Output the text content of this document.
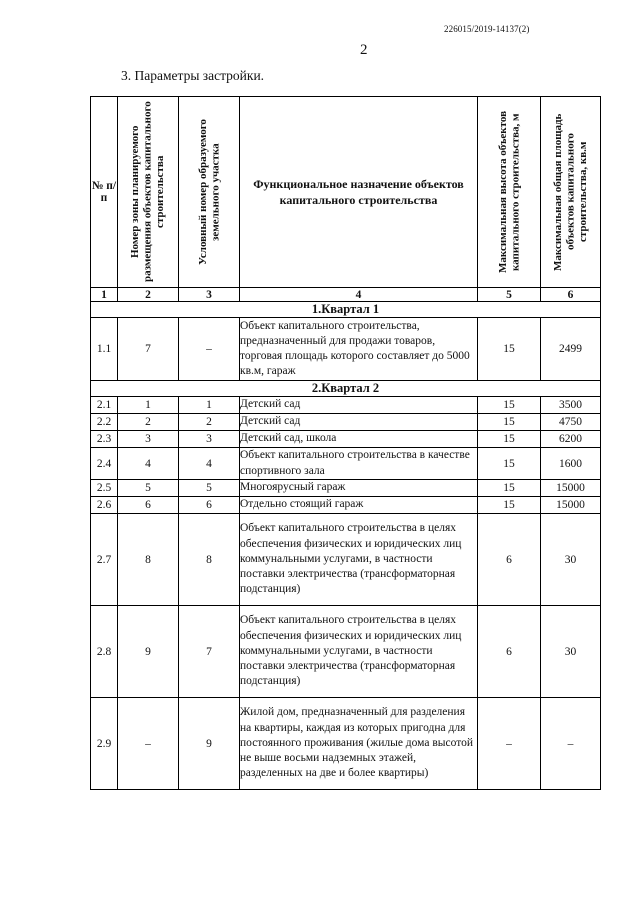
226015/2019-14137(2)
2
3. Параметры застройки.
№ п/п	Номер зоны планируемого размещения объектов капитального строительства	Условный номер образуемого земельного участка	Функциональное назначение объектов капитального строительства	Максимальная высота объектов капитального строительства, м	Максимальная общая площадь объектов капитального строительства, кв.м

1	2	3	4	5	6
1.Квартал 1					
1.1	7	–	Объект капитального строительства, предназначенный для продажи товаров, торговая площадь которого составляет до 5000 кв.м, гараж	15	2499
2.Квартал 2					
2.1	1	1	Детский сад	15	3500
2.2	2	2	Детский сад	15	4750
2.3	3	3	Детский сад, школа	15	6200
2.4	4	4	Объект капитального строительства в качестве спортивного зала	15	1600
2.5	5	5	Многоярусный гараж	15	15000
2.6	6	6	Отдельно стоящий гараж	15	15000
2.7	8	8	Объект капитального строительства в целях обеспечения физических и юридических лиц коммунальными услугами, в частности поставки электричества (трансформаторная подстанция)	6	30
2.8	9	7	Объект капитального строительства в целях обеспечения физических и юридических лиц коммунальными услугами, в частности поставки электричества (трансформаторная подстанция)	6	30
2.9	–	9	Жилой дом, предназначенный для разделения на квартиры, каждая из которых пригодна для постоянного проживания (жилые дома высотой не выше восьми надземных этажей, разделенных на две и более квартиры)	–	–
